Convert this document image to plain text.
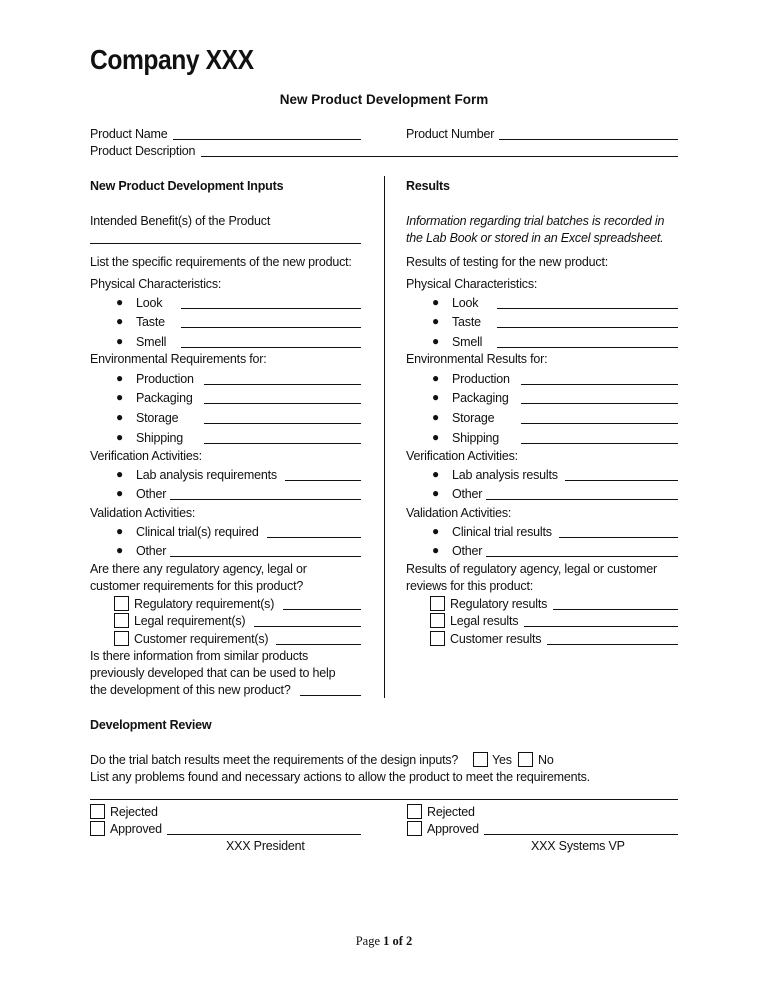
Company XXX
New Product Development Form
Product Name	Product Number
Product Description
New Product Development Inputs
Intended Benefit(s) of the Product
List the specific requirements of the new product:
Physical Characteristics:
● Look
● Taste
● Smell
Environmental Requirements for:
● Production
● Packaging
● Storage
● Shipping
Verification Activities:
● Lab analysis requirements
● Other
Validation Activities:
● Clinical trial(s) required
● Other
Are there any regulatory agency, legal or
customer requirements for this product?
Regulatory requirement(s)
Legal requirement(s)
Customer requirement(s)
Is there information from similar products
previously developed that can be used to help
the development of this new product?
Results
Information regarding trial batches is recorded in
the Lab Book or stored in an Excel spreadsheet.
Results of testing for the new product:
Physical Characteristics:
● Look
● Taste
● Smell
Environmental Results for:
● Production
● Packaging
● Storage
● Shipping
Verification Activities:
● Lab analysis results
● Other
Validation Activities:
● Clinical trial results
● Other
Results of regulatory agency, legal or customer
reviews for this product:
Regulatory results
Legal results
Customer results
Development Review
Do the trial batch results meet the requirements of the design inputs?	Yes No
List any problems found and necessary actions to allow the product to meet the requirements.
Rejected
Approved
XXX President
Rejected
Approved
XXX Systems VP
Page 1 of 2
